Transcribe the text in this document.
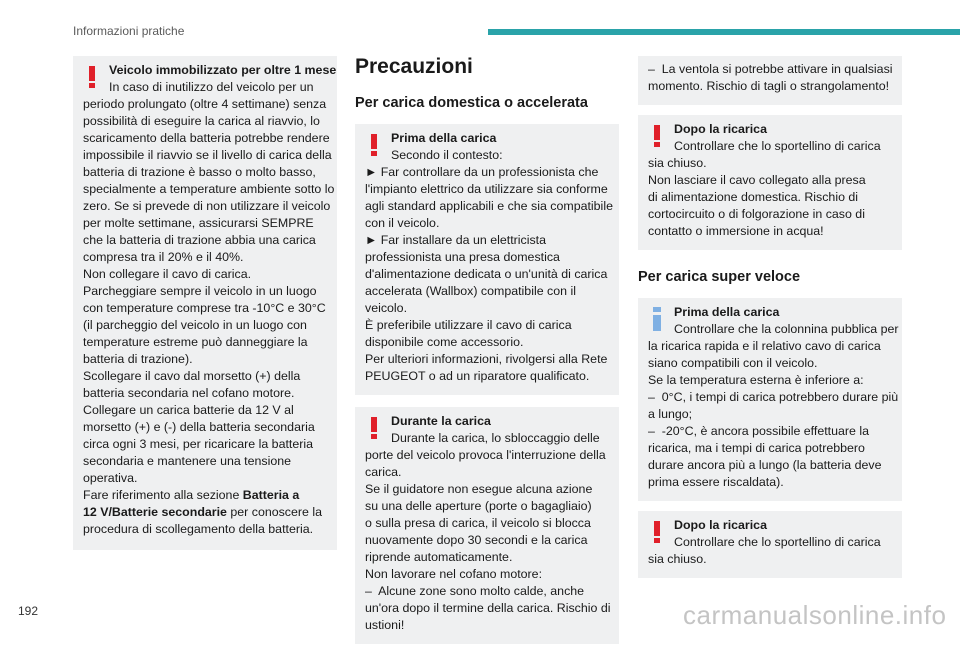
Informazioni pratiche
Veicolo immobilizzato per oltre 1 mese
In caso di inutilizzo del veicolo per un
periodo prolungato (oltre 4 settimane) senza
possibilità di eseguire la carica al riavvio, lo
scaricamento della batteria potrebbe rendere
impossibile il riavvio se il livello di carica della
batteria di trazione è basso o molto basso,
specialmente a temperature ambiente sotto lo
zero. Se si prevede di non utilizzare il veicolo
per molte settimane, assicurarsi SEMPRE
che la batteria di trazione abbia una carica
compresa tra il 20% e il 40%.
Non collegare il cavo di carica.
Parcheggiare sempre il veicolo in un luogo
con temperature comprese tra -10°C e 30°C
(il parcheggio del veicolo in un luogo con
temperature estreme può danneggiare la
batteria di trazione).
Scollegare il cavo dal morsetto (+) della
batteria secondaria nel cofano motore.
Collegare un carica batterie da 12 V al
morsetto (+) e (-) della batteria secondaria
circa ogni 3 mesi, per ricaricare la batteria
secondaria e mantenere una tensione
operativa.
Fare riferimento alla sezione Batteria a
12 V/Batterie secondarie per conoscere la
procedura di scollegamento della batteria.
Precauzioni
Per carica domestica o accelerata
Prima della carica
Secondo il contesto:
► Far controllare da un professionista che
l'impianto elettrico da utilizzare sia conforme
agli standard applicabili e che sia compatibile
con il veicolo.
► Far installare da un elettricista
professionista una presa domestica
d'alimentazione dedicata o un'unità di carica
accelerata (Wallbox) compatibile con il
veicolo.
È preferibile utilizzare il cavo di carica
disponibile come accessorio.
Per ulteriori informazioni, rivolgersi alla Rete
PEUGEOT o ad un riparatore qualificato.
Durante la carica
Durante la carica, lo sbloccaggio delle
porte del veicolo provoca l'interruzione della
carica.
Se il guidatore non esegue alcuna azione
su una delle aperture (porte o bagagliaio)
o sulla presa di carica, il veicolo si blocca
nuovamente dopo 30 secondi e la carica
riprende automaticamente.
Non lavorare nel cofano motore:
–  Alcune zone sono molto calde, anche
un'ora dopo il termine della carica. Rischio di
ustioni!
–  La ventola si potrebbe attivare in qualsiasi
momento. Rischio di tagli o strangolamento!
Dopo la ricarica
Controllare che lo sportellino di carica
sia chiuso.
Non lasciare il cavo collegato alla presa
di alimentazione domestica. Rischio di
cortocircuito o di folgorazione in caso di
contatto o immersione in acqua!
Per carica super veloce
Prima della carica
Controllare che la colonnina pubblica per
la ricarica rapida e il relativo cavo di carica
siano compatibili con il veicolo.
Se la temperatura esterna è inferiore a:
–  0°C, i tempi di carica potrebbero durare più
a lungo;
–  -20°C, è ancora possibile effettuare la
ricarica, ma i tempi di carica potrebbero
durare ancora più a lungo (la batteria deve
prima essere riscaldata).
Dopo la ricarica
Controllare che lo sportellino di carica
sia chiuso.
192	carmanualsonline.info
